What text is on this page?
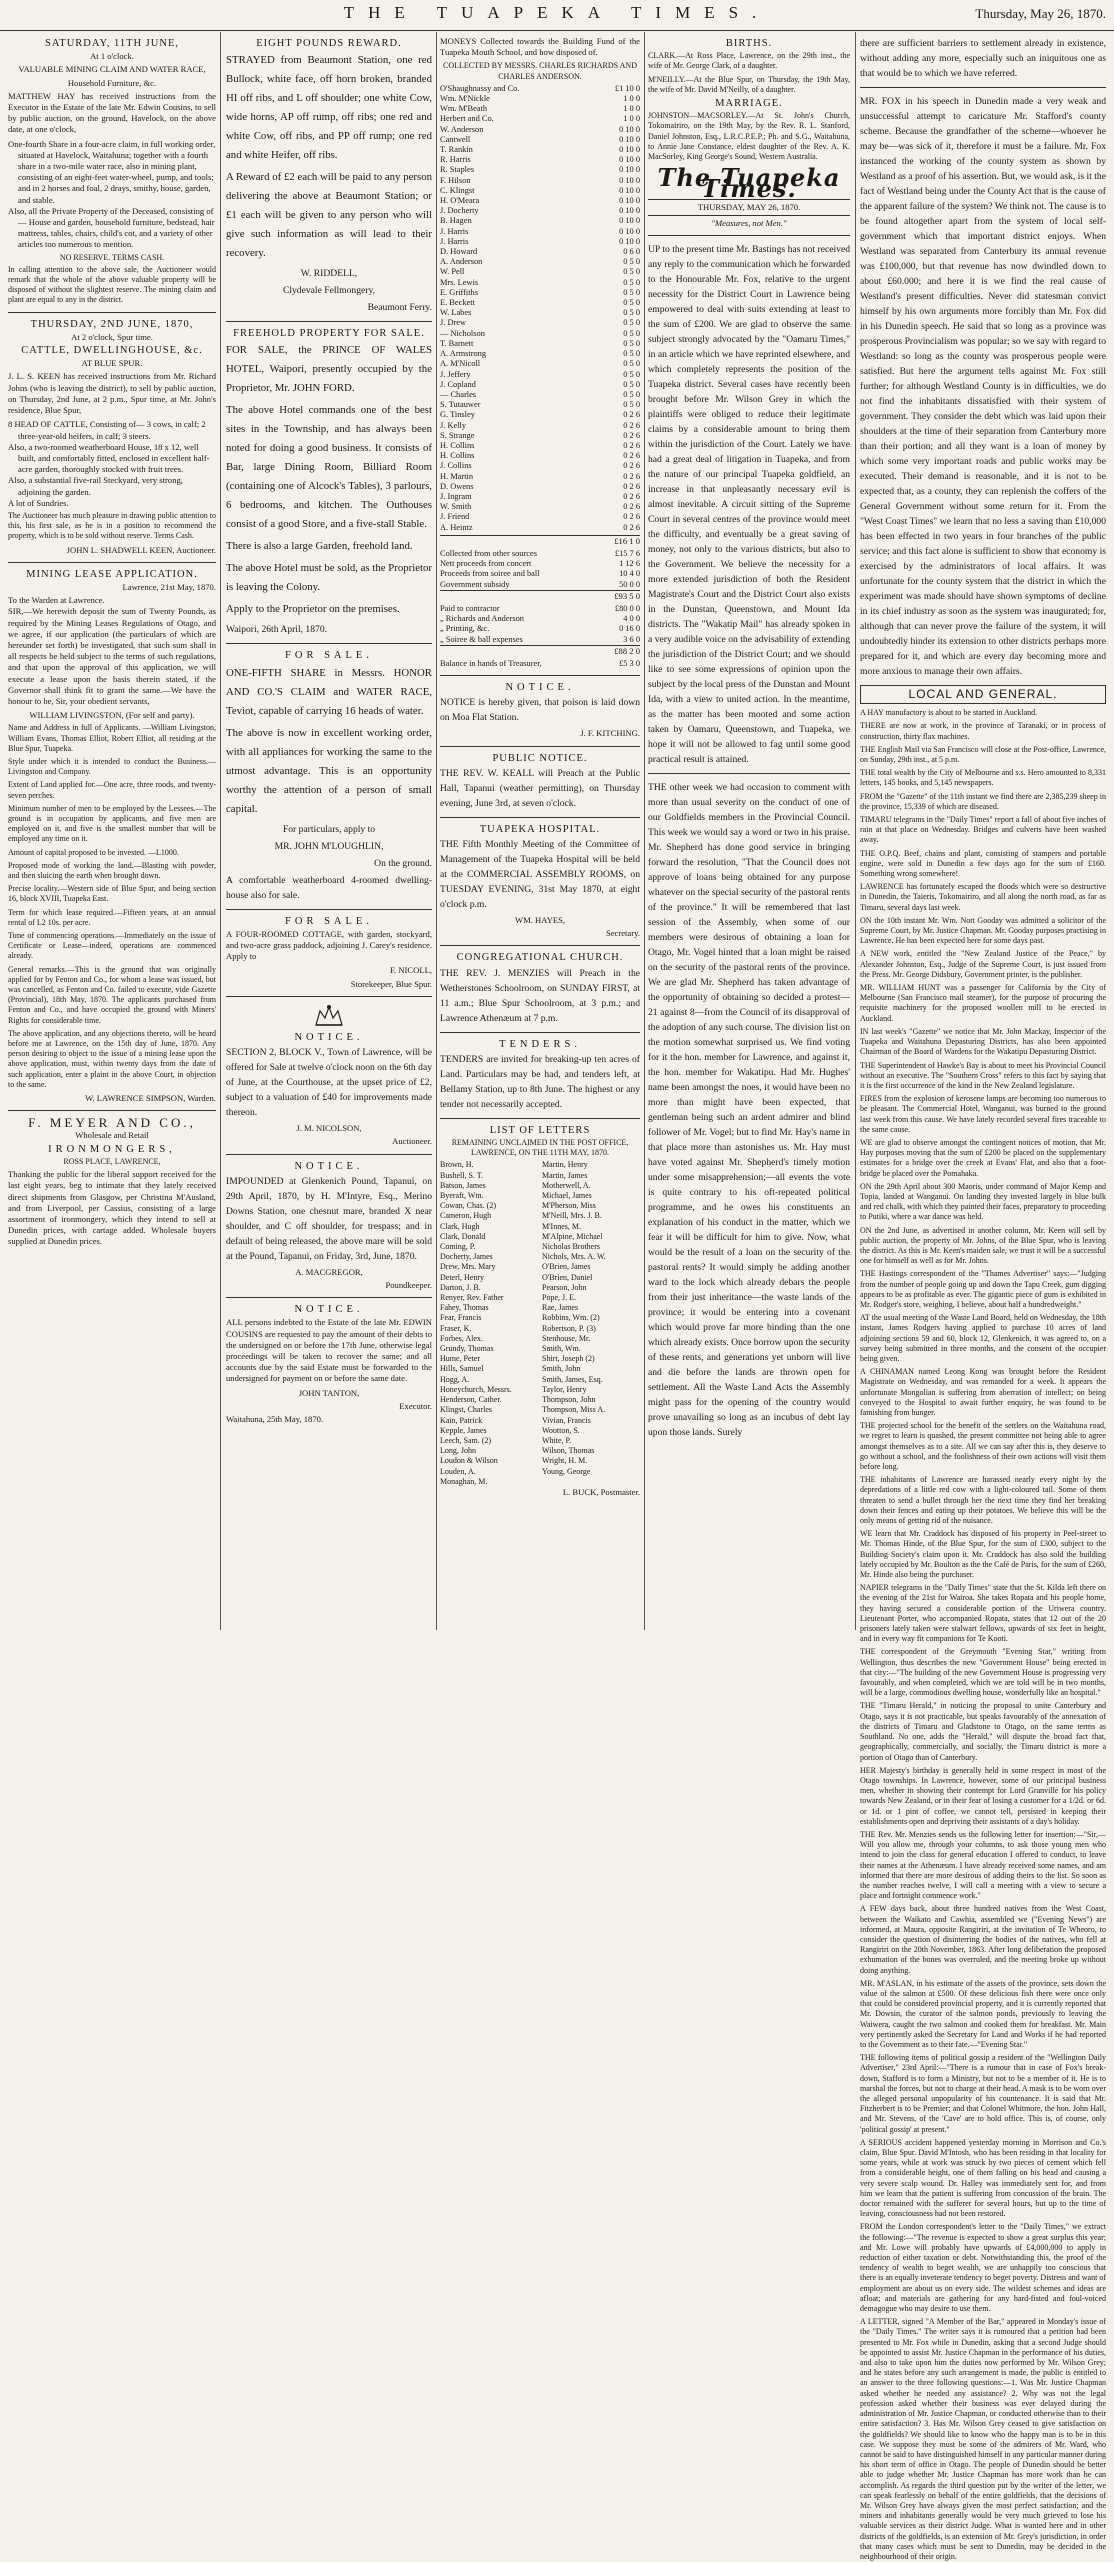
THE TUAPEKA TIMES.	Thursday, May 26, 1870.
SATURDAY, 11TH JUNE,
At 1 o'clock.
VALUABLE MINING CLAIM AND WATER RACE,
Household Furniture, &c.

MATTHEW HAY has received instructions from the Executor in the Estate of the late Mr. Edwin Cousins, to sell by public auction, on the ground, Havelock, on the above date, at one o'clock,

One-fourth Share in a four-acre claim, in full working order, situated at Havelock, Waitahuna; together with a fourth share in a two-mile water race, also in mining plant, consisting of an eight-feet water-wheel, pump, and tools; and in 2 horses and foal, 2 drays, smithy, house, garden, and stable.
Also, all the Private Property of the Deceased, consisting of— House and garden, household furniture, bedstead, hair mattress, tables, chairs, child's cot, and a variety of other articles too numerous to mention.
NO RESERVE. TERMS CASH.

In calling attention to the above sale, the Auctioneer would remark that the whole of the above valuable property will be disposed of without the slightest reserve. The mining claim and plant are equal to any in the district.

THURSDAY, 2ND JUNE, 1870,
At 2 o'clock, Spur time.
CATTLE, DWELLINGHOUSE, &c.
AT BLUE SPUR.

J. L. S. KEEN has received instructions from Mr. Richard Johns (who is leaving the district), to sell by public auction, on Thursday, 2nd June, at 2 p.m., Spur time, at Mr. John's residence, Blue Spur,

8 HEAD OF CATTLE, Consisting of— 3 cows, in calf; 2 three-year-old heifers, in calf; 3 steers.
Also, a two-roomed weatherboard House, 18 x 12, well built, and comfortably fitted, enclosed in excellent half-acre garden, thoroughly stocked with fruit trees.
Also, a substantial five-rail Steckyard, very strong, adjoining the garden.
A lot of Sundries.

The Auctioneer has much pleasure in drawing public attention to this, his first sale, as he is in a position to recommend the property, which is to be sold without reserve. Terms Cash.

JOHN L. SHADWELL KEEN, Auctioneer.
MINING LEASE APPLICATION.
Lawrence, 21st May, 1870.
To the Warden at Lawrence.

SIR,—We herewith deposit the sum of Twenty Pounds, as required by the Mining Leases Regulations of Otago, and we agree, if our application (the particulars of which are hereunder set forth) be investigated, that such sum shall in all respects be held subject to the terms of such regulations, and that upon the approval of this application, we will execute a lease upon the basis therein stated, if the Governor shall think fit to grant the same.—We have the honour to be, Sir, your obedient servants,

WILLIAM LIVINGSTON, (For self and party).

Name and Address in full of Applicants. —William Livingston, William Evans, Thomas Elliot, Robert Elliot, all residing at the Blue Spur, Tuapeka.

Style under which it is intended to conduct the Business.—Livingston and Company.

Extent of Land applied for.—One acre, three roods, and twenty-seven perches.

Minimum number of men to be employed by the Lessees.—The ground is in occupation by applicants, and five men are employed on it, and five is the smallest number that will be employed any time on it.

Amount of capital proposed to be invested. —L1000.

Proposed mode of working the land.—Blasting with powder, and then sluicing the earth when brought down.

Precise locality.—Western side of Blue Spur, and being section 16, block XVIII, Tuapeka East.

Term for which lease required.—Fifteen years, at an annual rental of L2 10s. per acre.

Time of commencing operations.—Immediately on the issue of Certificate or Lease—indeed, operations are commenced already.

General remarks.—This is the ground that was originally applied for by Fenton and Co., for whom a lease was issued, but was cancelled, as Fenton and Co. failed to execute, vide Gazette (Provincial), 18th May, 1870. The applicants purchased from Fenton and Co., and have occupied the ground with Miners' Rights for considerable time.

The above application, and any objections thereto, will be heard before me at Lawrence, on the 15th day of June, 1870. Any person desiring to object to the issue of a mining lease upon the above application, must, within twenty days from the date of such application, enter a plaint in the above Court, in objection to the same.

W. LAWRENCE SIMPSON, Warden.
F. MEYER AND CO.,
Wholesale and Retail
IRONMONGERS,
ROSS PLACE, LAWRENCE,

Thanking the public for the liberal support received for the last eight years, beg to intimate that they lately received direct shipments from Glasgow, per Christina M'Ausland, and from Liverpool, per Cassius, consisting of a large assortment of ironmongery, which they intend to sell at Dunedin prices, with cartage added. Wholesale buyers supplied at Dunedin prices.

EIGHT POUNDS REWARD.

STRAYED from Beaumont Station, one red Bullock, white face, off horn broken, branded HI off ribs, and L off shoulder; one white Cow, wide horns, AP off rump, off ribs; one red and white Cow, off ribs, and PP off rump; one red and white Heifer, off ribs.

A Reward of £2 each will be paid to any person delivering the above at Beaumont Station; or £1 each will be given to any person who will give such information as will lead to their recovery.

W. RIDDELL,
Clydevale Fellmongery,
Beaumont Ferry.
FREEHOLD PROPERTY FOR SALE.

FOR SALE, the PRINCE OF WALES HOTEL, Waipori, presently occupied by the Proprietor, Mr. JOHN FORD.

The above Hotel commands one of the best sites in the Township, and has always been noted for doing a good business. It consists of Bar, large Dining Room, Billiard Room (containing one of Alcock's Tables), 3 parlours, 6 bedrooms, and kitchen. The Outhouses consist of a good Store, and a five-stall Stable.

There is also a large Garden, freehold land.

The above Hotel must be sold, as the Proprietor is leaving the Colony.

Apply to the Proprietor on the premises.

Waipori, 26th April, 1870.
FOR SALE.

ONE-FIFTH SHARE in Messrs. HONOR AND CO.'S CLAIM and WATER RACE, Teviot, capable of carrying 16 heads of water.

The above is now in excellent working order, with all appliances for working the same to the utmost advantage. This is an opportunity worthy the attention of a person of small capital.

For particulars, apply to
MR. JOHN M'LOUGHLIN,
On the ground.

A comfortable weatherboard 4-roomed dwelling-house also for sale.

FOR SALE.

A FOUR-ROOMED COTTAGE, with garden, stockyard, and two-acre grass paddock, adjoining J. Carey's residence. Apply to

F. NICOLL,
Storekeeper, Blue Spur.
NOTICE.

SECTION 2, BLOCK V., Town of Lawrence, will be offered for Sale at twelve o'clock noon on the 6th day of June, at the Courthouse, at the upset price of £2, subject to a valuation of £40 for improvements made thereon.

J. M. NICOLSON,
Auctioneer.
NOTICE.

IMPOUNDED at Glenkenich Pound, Tapanui, on 29th April, 1870, by H. M'Intyre, Esq., Merino Downs Station, one chesnut mare, branded X near shoulder, and C off shoulder, for trespass; and in default of being released, the above mare will be sold at the Pound, Tapanui, on Friday, 3rd, June, 1870.

A. MACGREGOR,
Poundkeeper.
NOTICE.

ALL persons indebted to the Estate of the late Mr. EDWIN COUSINS are requested to pay the amount of their debts to the undersigned on or before the 17th June, otherwise legal proceedings will be taken to recover the same; and all accounts due by the said Estate must be forwarded to the undersigned for payment on or before the same date.

JOHN TANTON,
Executor.
Waitahuna, 25th May, 1870.

MONEYS Collected towards the Building Fund of the Tuapeka Mouth School, and how disposed of.

COLLECTED BY MESSRS. CHARLES RICHARDS AND CHARLES ANDERSON.
O'Shaughnassy and Co.	£1 10 0
Wm. M'Nickle	1 0 0
Wm. M'Beath	1 0 0
Herbert and Co.	1 0 0
W. Anderson	0 10 0
Cantwell	0 10 0
T. Rankin	0 10 0
R. Harris	0 10 0
R. Staples	0 10 0
F. Hilson	0 10 0
C. Klingst	0 10 0
H. O'Meara	0 10 0
J. Docherty	0 10 0
B. Hagen	0 10 0
J. Harris	0 10 0
J. Harris	0 10 0
D. Howard	0 6 0
A. Anderson	0 5 0
W. Pell	0 5 0
Mrs. Lewis	0 5 0
E. Griffiths	0 5 0
E. Beckett	0 5 0
W. Labes	0 5 0
J. Drew	0 5 0
— Nicholson	0 5 0
T. Barnett	0 5 0
A. Armstrong	0 5 0
A. M'Nicoll	0 5 0
J. Jeffery	0 5 0
J. Copland	0 5 0
— Charles	0 5 0
S. Tutauwer	0 5 0
G. Tinsley	0 2 6
J. Kelly	0 2 6
S. Strange	0 2 6
H. Collins	0 2 6
H. Collins	0 2 6
J. Collins	0 2 6
H. Martin	0 2 6
D. Owens	0 2 6
J. Ingram	0 2 6
W. Smith	0 2 6
J. Friend	0 2 6
A. Heintz	0 2 6
£16 1 0
Collected from other sources	£15 7 6
Nett proceeds from concert	1 12 6
Proceeds from soiree and ball	10 4 0
Government subsidy	50 0 0
£93 5 0
Paid to contractor	£80 0 0
„ Richards and Anderson	4 0 0
„ Printing, &c.	0 16 0
„ Soiree & ball expenses	3 6 0
£88 2 0
Balance in hands of Treasurer,	£5 3 0
NOTICE.

NOTICE is hereby given, that poison is laid down on Moa Flat Station.

J. F. KITCHING.
PUBLIC NOTICE.

THE REV. W. KEALL will Preach at the Public Hall, Tapanui (weather permitting), on Thursday evening, June 3rd, at seven o'clock.

TUAPEKA HOSPITAL.

THE Fifth Monthly Meeting of the Committee of Management of the Tuapeka Hospital will be held at the COMMERCIAL ASSEMBLY ROOMS, on TUESDAY EVENING, 31st May 1870, at eight o'clock p.m.

WM. HAYES,
Secretary.
CONGREGATIONAL CHURCH.

THE REV. J. MENZIES will Preach in the Wetherstones Schoolroom, on SUNDAY FIRST, at 11 a.m.; Blue Spur Schoolroom, at 3 p.m.; and Lawrence Athenæum at 7 p.m.

TENDERS.

TENDERS are invited for breaking-up ten acres of Land. Particulars may be had, and tenders left, at Bellamy Station, up to 8th June. The highest or any tender not necessarily accepted.

LIST OF LETTERS
REMAINING UNCLAIMED IN THE POST OFFICE, LAWRENCE, ON THE 11TH MAY, 1870.
Brown, H.
Bushell, S. T.
Batson, James
Byeraft, Wm.
Cowan, Chas. (2)
Cameron, Hugh
Clark, Hugh
Clark, Donald
Coming, P.
Docherty, James
Drew, Mrs. Mary
Deterl, Henry
Darton, J. B.
Renyer, Rev. Father
Fahey, Thomas
Fear, Francis
Fraser, K.
Forbes, Alex.
Grundy, Thomas
Hume, Peter
Hills, Samuel
Hogg, A.
Honeychurch, Messrs.
Henderson, Cather.
Klingst, Charles
Kain, Patrick
Kepple, James
Leech, Sam. (2)
Long, John
Loudon & Wilson
Louden, A.
Monaghan, M.
Martin, Henry
Martin, James
Motherwell, A.
Michael, James
M'Pherson, Miss
M'Neill, Mrs. J. B.
M'Innes, M.
M'Alpine, Michael
Nicholas Brothers
Nichols, Mrs. A. W.
O'Brien, James
O'Brien, Daniel
Pearson, John
Pope, J. E.
Rae, James
Robbins, Wm. (2)
Robertson, P. (3)
Stenhouse, Mr.
Smith, Wm.
Shirt, Joseph (2)
Smith, John
Smith, James, Esq.
Taylor, Henry
Thompson, John
Thompson, Miss A.
Vivian, Francis
Wootton, S.
White, P.
Wilson, Thomas
Wright, H. M.
Young, George
L. BUCK, Postmaster.
BIRTHS.

CLARK.—At Ross Place, Lawrence, on the 29th inst., the wife of Mr. George Clark, of a daughter.

M'NEILLY.—At the Blue Spur, on Thursday, the 19th May, the wife of Mr. David M'Neilly, of a daughter.

MARRIAGE.

JOHNSTON—MACSORLEY.—At St. John's Church, Tokomairiro, on the 19th May, by the Rev. R. L. Stanford, Daniel Johnston, Esq., L.R.C.P.E.P.; Ph. and S.G., Waitahuna, to Annie Jane Constance, eldest daughter of the Rev. A. K. MacSorley, King George's Sound, Western Australia.

The Tuapeka Times.
THURSDAY, MAY 26, 1870.
"Measures, not Men."

UP to the present time Mr. Bastings has not received any reply to the communication which he forwarded to the Honourable Mr. Fox, relative to the urgent necessity for the District Court in Lawrence being empowered to deal with suits extending at least to the sum of £200. We are glad to observe the same subject strongly advocated by the "Oamaru Times," in an article which we have reprinted elsewhere, and which completely represents the position of the Tuapeka district. Several cases have recently been brought before Mr. Wilson Grey in which the plaintiffs were obliged to reduce their legitimate claims by a considerable amount to bring them within the jurisdiction of the Court. Lately we have had a great deal of litigation in Tuapeka, and from the nature of our principal Tuapeka goldfield, an increase in that unpleasantly necessary evil is almost inevitable. A circuit sitting of the Supreme Court in several centres of the province would meet the difficulty, and eventually be a great saving of money, not only to the various districts, but also to the Government. We believe the necessity for a more extended jurisdiction of both the Resident Magistrate's Court and the District Court also exists in the Dunstan, Queenstown, and Mount Ida districts. The "Wakatip Mail" has already spoken in a very audible voice on the advisability of extending the jurisdiction of the District Court; and we should like to see some expressions of opinion upon the subject by the local press of the Dunstan and Mount Ida, with a view to united action. In the meantime, as the matter has been mooted and some action taken by Oamaru, Queenstown, and Tuapeka, we hope it will not be allowed to fag until some good practical result is attained.

THE other week we had occasion to comment with more than usual severity on the conduct of one of our Goldfields members in the Provincial Council. This week we would say a word or two in his praise. Mr. Shepherd has done good service in bringing forward the resolution, "That the Council does not approve of loans being obtained for any purpose whatever on the special security of the pastoral rents of the province." It will be remembered that last session of the Assembly, when some of our members were desirous of obtaining a loan for Otago, Mr. Vogel hinted that a loan might be raised on the security of the pastoral rents of the province. We are glad Mr. Shepherd has taken advantage of the opportunity of obtaining so decided a protest—21 against 8—from the Council of its disapproval of the adoption of any such course. The division list on the motion somewhat surprised us. We find voting for it the hon. member for Lawrence, and against it, the hon. member for Wakatipu. Had Mr. Hughes' name been amongst the noes, it would have been no more than might have been expected, that gentleman being such an ardent admirer and blind follower of Mr. Vogel; but to find Mr. Hay's name in that place more than astonishes us. Mr. Hay must have voted against Mr. Shepherd's timely motion under some misapprehension;—all events the vote is quite contrary to his oft-repeated political programme, and he owes his constituents an explanation of his conduct in the matter, which we fear it will be difficult for him to give. Now, what would be the result of a loan on the security of the pastoral rents? It would simply be adding another ward to the lock which already debars the people from their just inheritance—the waste lands of the province; it would be entering into a covenant which would prove far more binding than the one which already exists. Once borrow upon the security of these rents, and generations yet unborn will live and die before the lands are thrown open for settlement. All the Waste Land Acts the Assembly might pass for the opening of the country would prove unavailing so long as an incubus of debt lay upon those lands. Surely

there are sufficient barriers to settlement already in existence, without adding any more, especially such an iniquitous one as that would be to which we have referred.

MR. FOX in his speech in Dunedin made a very weak and unsuccessful attempt to caricature Mr. Stafford's county scheme. Because the grandfather of the scheme—whoever he may be—was sick of it, therefore it must be a failure. Mr. Fox instanced the working of the county system as shown by Westland as a proof of his assertion. But, we would ask, is it the fact of Westland being under the County Act that is the cause of the apparent failure of the system? We think not. The cause is to be found altogether apart from the system of local self-government which that important district enjoys. When Westland was separated from Canterbury its annual revenue was £100,000, but that revenue has now dwindled down to about £60.000; and here it is we find the real cause of Westland's present difficulties. Never did statesman convict himself by his own arguments more forcibly than Mr. Fox did in his Dunedin speech. He said that so long as a province was prosperous Provincialism was popular; so we say with regard to Westland: so long as the county was prosperous people were satisfied. But here the argument tells against Mr. Fox still further; for although Westland County is in difficulties, we do not find the inhabitants dissatisfied with their system of government. They consider the debt which was laid upon their shoulders at the time of their separation from Canterbury more than their portion; and all they want is a loan of money by which some very important roads and public works may be executed. Their demand is reasonable, and it is not to be expected that, as a county, they can replenish the coffers of the General Government without some return for it. From the "West Coast Times" we learn that no less a saving than £10,000 has been effected in two years in four branches of the public service; and this fact alone is sufficient to show that economy is exercised by the administrators of local affairs. It was unfortunate for the county system that the district in which the experiment was made should have shown symptoms of decline in its chief industry as soon as the system was inaugurated; for, although that can never prove the failure of the system, it will undoubtedly hinder its extension to other districts perhaps more prepared for it, and which are every day becoming more and more anxious to manage their own affairs.

LOCAL AND GENERAL.

A HAY manufactory is about to be started in Auckland.

THERE are now at work, in the province of Taranaki, or in process of construction, thirty flax machines.

THE English Mail via San Francisco will close at the Post-office, Lawrence, on Sunday, 29th inst., at 5 p.m.

THE total wealth by the City of Melbourne and s.s. Hero amounted to 8,331 letters, 145 books, and 5,145 newspapers.

FROM the "Gazette" of the 11th instant we find there are 2,385,239 sheep in the province, 15,339 of which are diseased.

TIMARU telegrams in the "Daily Times" report a fall of about five inches of rain at that place on Wednesday. Bridges and culverts have been washed away.

THE O.P.Q. Beef, chains and plant, consisting of stampers and portable engine, were sold in Dunedin a few days ago for the sum of £160. Something wrong somewhere!

LAWRENCE has fortunately escaped the floods which were so destructive in Dunedin, the Taieris, Tokomairiro, and all along the north road, as far as Timaru, several days last week.

ON the 10th instant Mr. Wm. Nott Gooday was admitted a solicitor of the Supreme Court, by Mr. Justice Chapman. Mr. Gooday purposes practising in Lawrence. He has been expected here for some days past.

A NEW work, entitled the "New Zealand Justice of the Peace," by Alexander Johnston, Esq., Judge of the Supreme Court, is just issued from the Press. Mr. George Didsbury, Government printer, is the publisher.

MR. WILLIAM HUNT was a passenger for California by the City of Melbourne (San Francisco mail steamer), for the purpose of procuring the requisite machinery for the proposed woollen mill to be erected in Auckland.

IN last week's "Gazette" we notice that Mr. John Mackay, Inspector of the Tuapeka and Waitahuna Depasturing Districts, has also been appointed Chairman of the Board of Wardens for the Wakatipu Depasturing District.

THE Superintendent of Hawke's Bay is about to meet his Provincial Council without an executive. The "Southern Cross" refers to this fact by saying that it is the first occurrence of the kind in the New Zealand legislature.

FIRES from the explosion of kerosene lamps are becoming too numerous to be pleasant. The Commercial Hotel, Wanganui, was burned to the ground last week from this cause. We have lately recorded several fires traceable to the same cause.

WE are glad to observe amongst the contingent notices of motion, that Mr. Hay purposes moving that the sum of £200 be placed on the supplementary estimates for a bridge over the creek at Evans' Flat, and also that a foot-bridge be placed over the Pomahaka.

ON the 29th April about 300 Maoris, under command of Major Kemp and Topia, landed at Wanganui. On landing they invested largely in blue bulk and red chalk, with which they painted their faces, preparatory to proceeding to Putiki, where a war dance was held.

ON the 2nd June, as advertised in another column, Mr. Keen will sell by public auction, the property of Mr. Johns, of the Blue Spur, who is leaving the district. As this is Mr. Keen's maiden sale, we trust it will be a successful one for himself as well as for Mr. Johns.

THE Hastings correspondent of the "Thames Advertiser" says:—"Judging from the number of people going up and down the Tapu Creek, gum digging appears to be as profitable as ever. The gigantic piece of gum is exhibited in Mr. Rodger's store, weighing, I believe, about half a hundredweight."

AT the usual meeting of the Waste Land Board, held on Wednesday, the 18th instant, James Rodgers having applied to purchase 10 acres of land adjoining sections 59 and 60, block 12, Glenkenich, it was agreed to, on a survey being submitted in three months, and the consent of the occupier being given.

A CHINAMAN named Leong Kong was brought before the Resident Magistrate on Wednesday, and was remanded for a week. It appears the unfortunate Mongolian is suffering from aberration of intellect; on being conveyed to the Hospital to await further enquiry, he was found to be famishing from hunger.

THE projected school for the benefit of the settlers on the Waitahuna road, we regret to learn is quashed, the present committee not being able to agree amongst themselves as to a site. All we can say after this is, they deserve to go without a school, and the foolishness of their own actions will visit them before long.

THE inhabitants of Lawrence are harassed nearly every night by the depredations of a little red cow with a light-coloured tail. Some of them threaten to send a bullet through her the next time they find her breaking down their fences and eating up their potatoes. We believe this will be the only means of getting rid of the nuisance.

WE learn that Mr. Craddock has disposed of his property in Peel-street to Mr. Thomas Hinde, of the Blue Spur, for the sum of £300, subject to the Building Society's claim upon it. Mr. Craddock has also sold the building lately occupied by Mr. Boulton as the the Café de Paris, for the sum of £260, Mr. Hinde also being the purchaser.

NAPIER telegrams in the "Daily Times" state that the St. Kilda left there on the evening of the 21st for Wairoa. She takes Ropata and his people home, they having secured a considerable portion of the Uriwera country. Lieutenant Porter, who accompanied Ropata, states that 12 out of the 20 prisoners lately taken were stalwart fellows, upwards of six feet in height, and in every way fit companions for Te Kooti.

THE correspondent of the Greymouth "Evening Star," writing from Wellington, thus describes the new "Government House" being erected in that city:—"The building of the new Government House is progressing very favourably, and when completed, which we are told will be in two months, will be a large, commodious dwelling house, wonderfully like an hospital."

THE "Timaru Herald," in noticing the proposal to unite Canterbury and Otago, says it is not practicable, but speaks favourably of the annexation of the districts of Timaru and Gladstone to Otago, on the same terms as Southland. No one, adds the "Herald," will dispute the broad fact that, geographically, commercially, and socially, the Timaru district is more a portion of Otago than of Canterbury.

HER Majesty's birthday is generally held in some respect in most of the Otago townships. In Lawrence, however, some of our principal business men, whether in showing their contempt for Lord Granville for his policy towards New Zealand, or in their fear of losing a customer for a 1/2d. or 6d. or 1d. or 1 pint of coffee, we cannot tell, persisted in keeping their establishments open and depriving their assistants of a day's holiday.

THE Rev. Mr. Menzies sends us the following letter for insertion:—"Sir,—Will you allow me, through your columns, to ask those young men who intend to join the class for general education I offered to conduct, to leave their names at the Athenæum. I have already received some names, and am informed that there are more desirous of adding theirs to the list. So soon as the number reaches twelve, I will call a meeting with a view to secure a place and fortnight commence work."

A FEW days back, about three hundred natives from the West Coast, between the Waikato and Cawhia, assembled we ("Evening News") are informed, at Maura, opposite Rangiriri, at the invitation of Te Wheoro, to consider the question of disinterring the bodies of the natives, who fell at Rangiriri on the 20th November, 1863. After long deliberation the proposed exhumation of the bones was overruled, and the meeting broke up without doing anything.

MR. M'ASLAN, in his estimate of the assets of the province, sets down the value of the salmon at £500. Of these delicious fish there were once only that could be considered provincial property, and it is currently reported that Mr. Dowsin, the curator of the salmon ponds, previously to leaving the Waiwera, caught the two salmon and cooked them for breakfast. Mr. Main very pertinently asked the Secretary for Land and Works if he had reported to the Government as to their fate.—"Evening Star."

THE following items of political gossip a resident of the "Wellington Daily Advertiser," 23rd April:—"There is a rumour that in case of Fox's break-down, Stafford is to form a Ministry, but not to be a member of it. He is to marshal the forces, but not to charge at their head. A mask is to be worn over the alleged personal unpopularity of his countenance. It is said that Mr. Fitzherbert is to be Premier; and that Colonel Whitmore, the hon. John Hall, and Mr. Stevens, of the 'Cave' are to hold office. This is, of course, only 'political gossip' at present."

A SERIOUS accident happened yesterday morning in Morrison and Co.'s claim, Blue Spur. David M'Intosh, who has been residing in that locality for some years, while at work was struck by two pieces of cement which fell from a considerable height, one of them falling on his head and causing a very severe scalp wound. Dr. Halley was immediately sent for, and from him we learn that the patient is suffering from concussion of the brain. The doctor remained with the sufferer for several hours, but up to the time of leaving, consciousness had not been restored.

FROM the London correspondent's letter to the "Daily Times," we extract the following:—"The revenue is expected to show a great surplus this year; and Mr. Lowe will probably have upwards of £4,000,000 to apply in reduction of either taxation or debt. Notwithstanding this, the proof of the tendency of wealth to beget wealth, we are unhappily too conscious that there is an equally inveterate tendency to beget poverty. Distress and want of employment are about us on every side. The wildest schemes and ideas are afloat; and materials are gathering for any hard-fisted and foul-voiced demagogue who may desire to use them.

A LETTER, signed "A Member of the Bar," appeared in Monday's issue of the "Daily Times." The writer says it is rumoured that a petition had been presented to Mr. Fox while in Dunedin, asking that a second Judge should be appointed to assist Mr. Justice Chapman in the performance of his duties, and also to take upon him the duties now performed by Mr. Wilson Grey; and he states before any such arrangement is made, the public is entitled to an answer to the three following questions:—1. Was Mr. Justice Chapman asked whether he needed any assistance? 2. Why was not the legal profession asked whether their business was ever delayed during the administration of Mr. Justice Chapman, or conducted otherwise than to their entire satisfaction? 3. Has Mr. Wilson Grey ceased to give satisfaction on the goldfields? We should like to know who the happy man is to be in this case. We suppose they must be some of the admirers of Mr. Ward, who cannot be said to have distinguished himself in any particular manner during his short term of office in Otago. The people of Dunedin should be better able to judge whether Mr. Justice Chapman has more work than he can accomplish. As regards the third question put by the writer of the letter, we can speak fearlessly on behalf of the entire goldfields, that the decisions of Mr. Wilson Grey have always given the most perfect satisfaction; and the miners and inhabitants generally would be very much grieved to lose his valuable services as their district Judge. What is wanted here and in other districts of the goldfields, is an extension of Mr. Grey's jurisdiction, in order that many cases which must be sent to Dunedin, may be decided in the neighbourhood of their origin.
